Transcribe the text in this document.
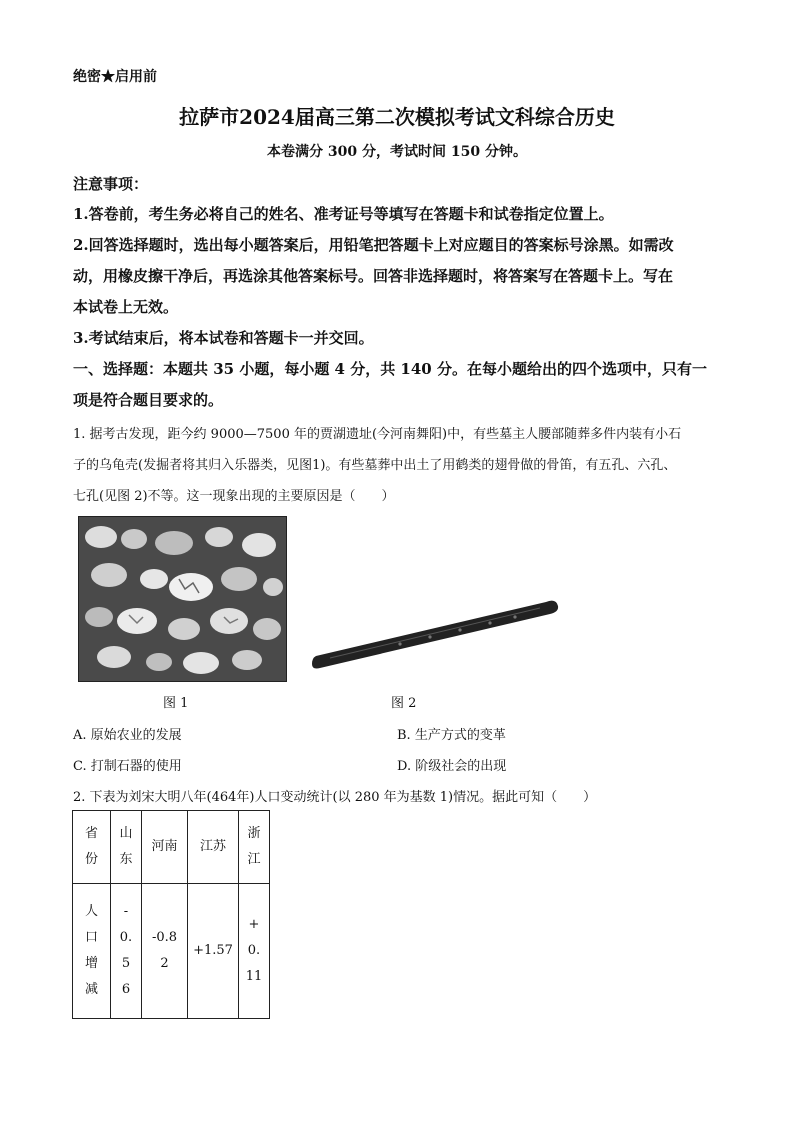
绝密★启用前
拉萨市2024届高三第二次模拟考试文科综合历史
本卷满分 300 分，考试时间 150 分钟。
注意事项：
1.答卷前，考生务必将自己的姓名、准考证号等填写在答题卡和试卷指定位置上。
2.回答选择题时，选出每小题答案后，用铅笔把答题卡上对应题目的答案标号涂黑。如需改
动，用橡皮擦干净后，再选涂其他答案标号。回答非选择题时，将答案写在答题卡上。写在
本试卷上无效。
3.考试结束后，将本试卷和答题卡一并交回。
一、选择题：本题共 35 小题，每小题 4 分，共 140 分。在每小题给出的四个选项中，只有一
项是符合题目要求的。
1. 据考古发现，距今约 9000—7500 年的贾湖遗址(今河南舞阳)中，有些墓主人腰部随葬多件内装有小石
子的乌龟壳(发掘者将其归入乐器类，见图1)。有些墓葬中出土了用鹤类的翅骨做的骨笛，有五孔、六孔、
七孔(见图 2)不等。这一现象出现的主要原因是（　　）
图 1	图 2
A. 原始农业的发展	B. 生产方式的变革
C. 打制石器的使用	D. 阶级社会的出现
2. 下表为刘宋大明八年(464年)人口变动统计(以 280 年为基数 1)情况。据此可知（　　）
省份	山东	河南	江苏	浙江
人口增减	-0.56	-0.82	+1.57	+0.11
